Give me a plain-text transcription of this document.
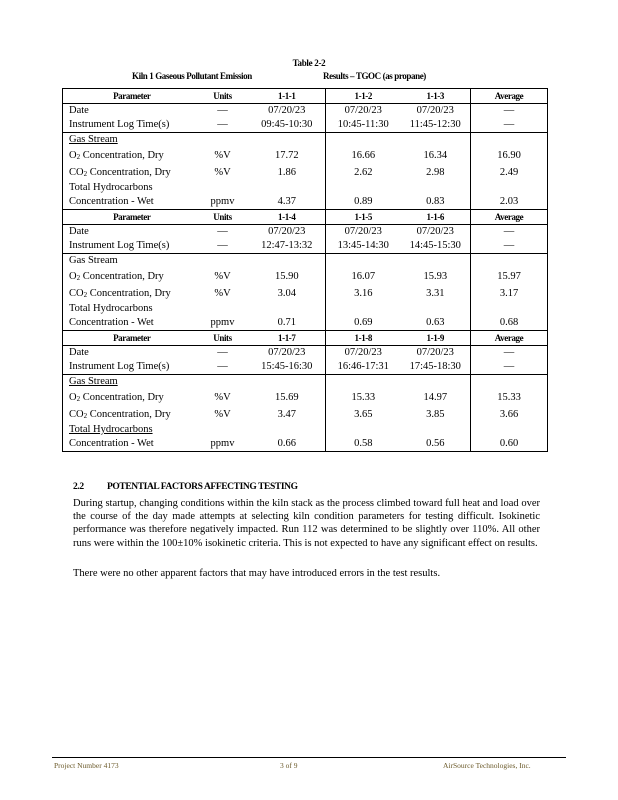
Table 2-2
Kiln 1 Gaseous Pollutant Emission	Results – TGOC (as propane)
Parameter	Units	1-1-1	1-1-2	1-1-3	Average
Date	—	07/20/23	07/20/23	07/20/23	—
Instrument Log Time(s)	—	09:45-10:30	10:45-11:30	11:45-12:30	—
Gas Stream					
$O_2$ Concentration, Dry	%V	17.72	16.66	16.34	16.90
$CO_2$ Concentration, Dry	%V	1.86	2.62	2.98	2.49
Total Hydrocarbons					
Concentration - Wet	ppmv	4.37	0.89	0.83	2.03
Parameter	Units	1-1-4	1-1-5	1-1-6	Average
Date	—	07/20/23	07/20/23	07/20/23	—
Instrument Log Time(s)	—	12:47-13:32	13:45-14:30	14:45-15:30	—
Gas Stream					
$O_2$ Concentration, Dry	%V	15.90	16.07	15.93	15.97
$CO_2$ Concentration, Dry	%V	3.04	3.16	3.31	3.17
Total Hydrocarbons					
Concentration - Wet	ppmv	0.71	0.69	0.63	0.68
Parameter	Units	1-1-7	1-1-8	1-1-9	Average
Date	—	07/20/23	07/20/23	07/20/23	—
Instrument Log Time(s)	—	15:45-16:30	16:46-17:31	17:45-18:30	—
Gas Stream					
$O_2$ Concentration, Dry	%V	15.69	15.33	14.97	15.33
$CO_2$ Concentration, Dry	%V	3.47	3.65	3.85	3.66
Total Hydrocarbons					
Concentration - Wet	ppmv	0.66	0.58	0.56	0.60
2.2 POTENTIAL FACTORS AFFECTING TESTING
During startup, changing conditions within the kiln stack as the process climbed toward full heat and load over the course of the day made attempts at selecting kiln condition parameters for testing difficult. Isokinetic performance was therefore negatively impacted. Run 112 was determined to be slightly over 110%. All other runs were within the 100±10% isokinetic criteria. This is not expected to have any significant effect on results.
There were no other apparent factors that may have introduced errors in the test results.
Project Number 4173	3 of 9	AirSource Technologies, Inc.
